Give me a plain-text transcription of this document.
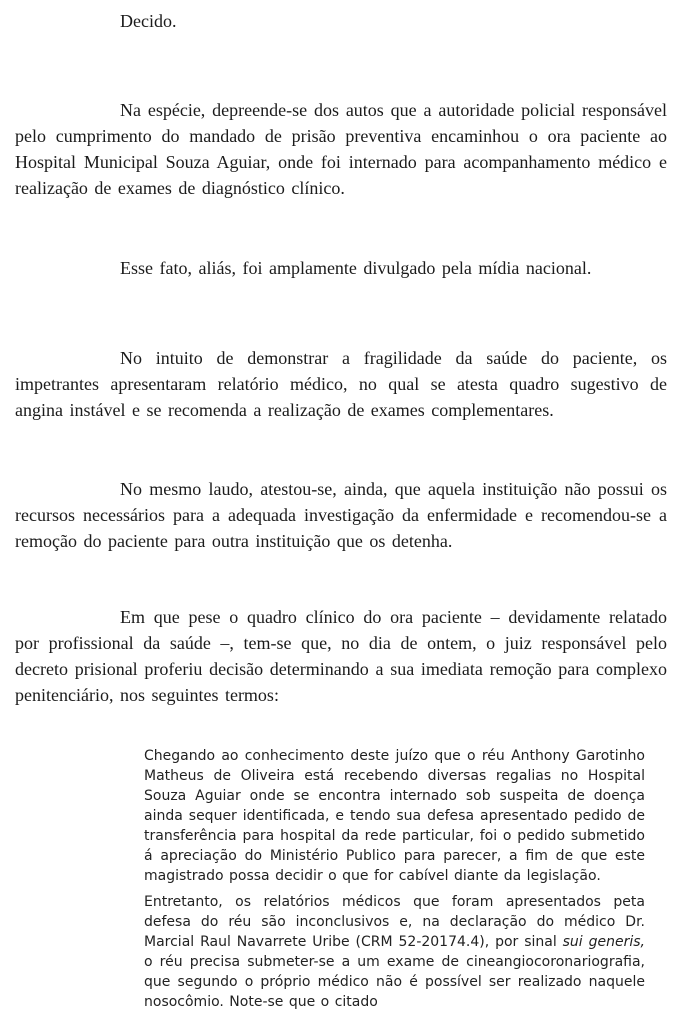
Decido.

Na espécie, depreende-se dos autos que a autoridade policial responsável pelo cumprimento do mandado de prisão preventiva encaminhou o ora paciente ao Hospital Municipal Souza Aguiar, onde foi internado para acompanhamento médico e realização de exames de diagnóstico clínico.

Esse fato, aliás, foi amplamente divulgado pela mídia nacional.

No intuito de demonstrar a fragilidade da saúde do paciente, os impetrantes apresentaram relatório médico, no qual se atesta quadro sugestivo de angina instável e se recomenda a realização de exames complementares.

No mesmo laudo, atestou-se, ainda, que aquela instituição não possui os recursos necessários para a adequada investigação da enfermidade e recomendou-se a remoção do paciente para outra instituição que os detenha.

Em que pese o quadro clínico do ora paciente – devidamente relatado por profissional da saúde –, tem-se que, no dia de ontem, o juiz responsável pelo decreto prisional proferiu decisão determinando a sua imediata remoção para complexo penitenciário, nos seguintes termos:

Chegando ao conhecimento deste juízo que o réu Anthony Garotinho Matheus de Oliveira está recebendo diversas regalias no Hospital Souza Aguiar onde se encontra internado sob suspeita de doença ainda sequer identificada, e tendo sua defesa apresentado pedido de transferência para hospital da rede particular, foi o pedido submetido á apreciação do Ministério Publico para parecer, a fim de que este magistrado possa decidir o que for cabível diante da legislação.

Entretanto, os relatórios médicos que foram apresentados peta defesa do réu são inconclusivos e, na declaração do médico Dr. Marcial Raul Navarrete Uribe (CRM 52-20174.4), por sinal sui generis, o réu precisa submeter-se a um exame de cineangiocoronariografia, que segundo o próprio médico não é possível ser realizado naquele nosocômio. Note-se que o citado
